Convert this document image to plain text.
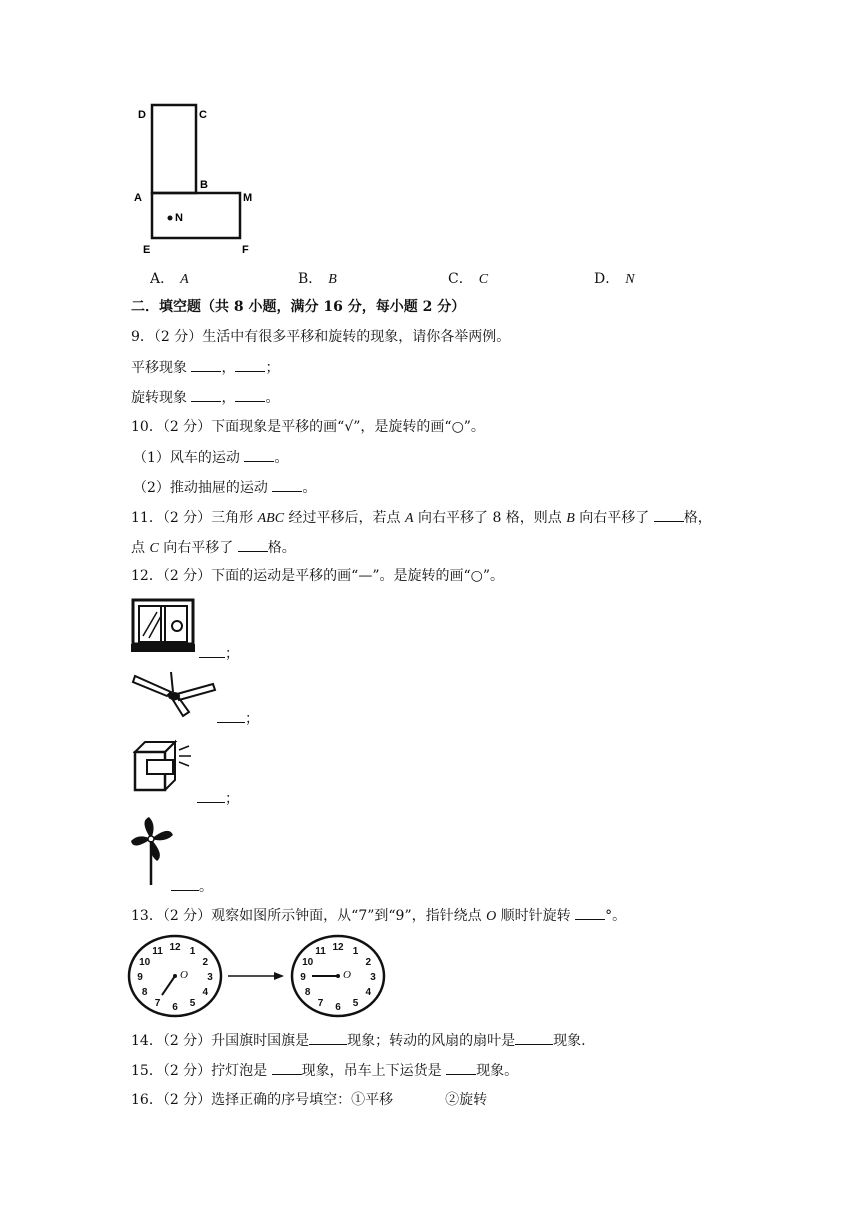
D	C
A
B
M
N
E	F
A． A	B． B	C． C	D． N
二．填空题（共 8 小题，满分 16 分，每小题 2 分）
9．（2 分）生活中有很多平移和旋转的现象，请你各举两例。
平移现象 ， ；
旋转现象 ， 。
10．（2 分）下面现象是平移的画“√”，是旋转的画“○”。
（1）风车的运动 。
（2）推动抽屉的运动 。
11．（2 分）三角形 ABC 经过平移后，若点 A 向右平移了 8 格，则点 B 向右平移了 格，
点 C 向右平移了 格。
12．（2 分）下面的运动是平移的画“—”。是旋转的画“○”。
；
；
；
。
13．（2 分）观察如图所示钟面，从“7”到“9”，指针绕点 O 顺时针旋转 °。
12 1
2
3
4
5
6
7
8
9
10
11
O
12 1
2
3
4
5
6
7
8
9
10
11
O
14．（2 分）升国旗时国旗是	现象；转动的风扇的扇叶是	现象.
15．（2 分）拧灯泡是 现象，吊车上下运货是 现象。
16．（2 分）选择正确的序号填空：①平移	②旋转
